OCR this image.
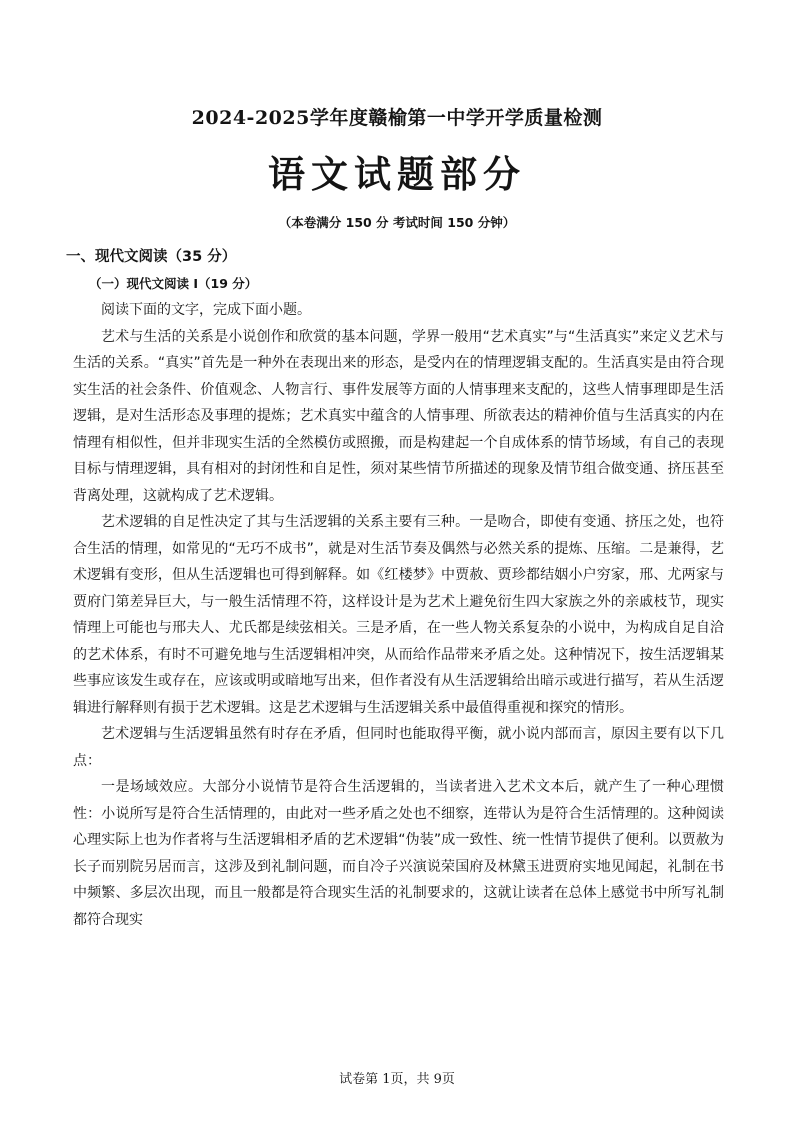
2024-2025学年度赣榆第一中学开学质量检测
语文试题部分
（本卷满分 150 分 考试时间 150 分钟）
一、现代文阅读（35 分）
（一）现代文阅读 I（19 分）

阅读下面的文字，完成下面小题。

艺术与生活的关系是小说创作和欣赏的基本问题，学界一般用“艺术真实”与“生活真实”来定义艺术与生活的关系。“真实”首先是一种外在表现出来的形态，是受内在的情理逻辑支配的。生活真实是由符合现实生活的社会条件、价值观念、人物言行、事件发展等方面的人情事理来支配的，这些人情事理即是生活逻辑，是对生活形态及事理的提炼；艺术真实中蕴含的人情事理、所欲表达的精神价值与生活真实的内在情理有相似性，但并非现实生活的全然模仿或照搬，而是构建起一个自成体系的情节场域，有自己的表现目标与情理逻辑，具有相对的封闭性和自足性，须对某些情节所描述的现象及情节组合做变通、挤压甚至背离处理，这就构成了艺术逻辑。

艺术逻辑的自足性决定了其与生活逻辑的关系主要有三种。一是吻合，即使有变通、挤压之处，也符合生活的情理，如常见的“无巧不成书”，就是对生活节奏及偶然与必然关系的提炼、压缩。二是兼得，艺术逻辑有变形，但从生活逻辑也可得到解释。如《红楼梦》中贾赦、贾珍都结姻小户穷家，邢、尤两家与贾府门第差异巨大，与一般生活情理不符，这样设计是为艺术上避免衍生四大家族之外的亲戚枝节，现实情理上可能也与邢夫人、尤氏都是续弦相关。三是矛盾，在一些人物关系复杂的小说中，为构成自足自洽的艺术体系，有时不可避免地与生活逻辑相冲突，从而给作品带来矛盾之处。这种情况下，按生活逻辑某些事应该发生或存在，应该或明或暗地写出来，但作者没有从生活逻辑给出暗示或进行描写，若从生活逻辑进行解释则有损于艺术逻辑。这是艺术逻辑与生活逻辑关系中最值得重视和探究的情形。

艺术逻辑与生活逻辑虽然有时存在矛盾，但同时也能取得平衡，就小说内部而言，原因主要有以下几点：

一是场域效应。大部分小说情节是符合生活逻辑的，当读者进入艺术文本后，就产生了一种心理惯性：小说所写是符合生活情理的，由此对一些矛盾之处也不细察，连带认为是符合生活情理的。这种阅读心理实际上也为作者将与生活逻辑相矛盾的艺术逻辑“伪装”成一致性、统一性情节提供了便利。以贾赦为长子而别院另居而言，这涉及到礼制问题，而自冷子兴演说荣国府及林黛玉进贾府实地见闻起，礼制在书中频繁、多层次出现，而且一般都是符合现实生活的礼制要求的，这就让读者在总体上感觉书中所写礼制都符合现实

试卷第 1页，共 9页
